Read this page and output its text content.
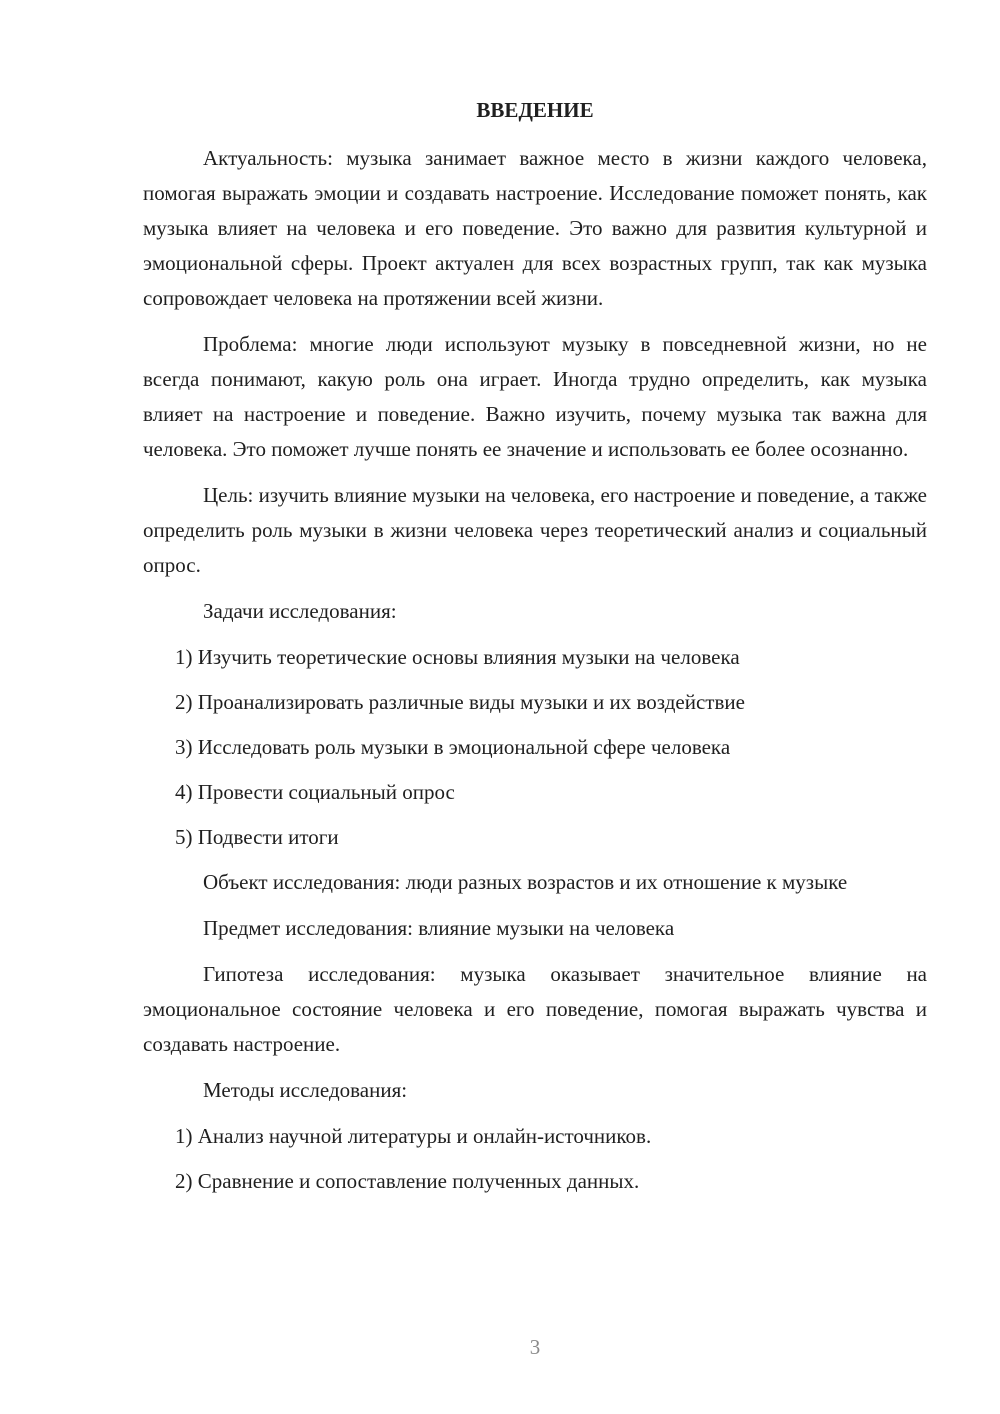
ВВЕДЕНИЕ

Актуальность: музыка занимает важное место в жизни каждого человека, помогая выражать эмоции и создавать настроение. Исследование поможет понять, как музыка влияет на человека и его поведение. Это важно для развития культурной и эмоциональной сферы. Проект актуален для всех возрастных групп, так как музыка сопровождает человека на протяжении всей жизни.

Проблема: многие люди используют музыку в повседневной жизни, но не всегда понимают, какую роль она играет. Иногда трудно определить, как музыка влияет на настроение и поведение. Важно изучить, почему музыка так важна для человека. Это поможет лучше понять ее значение и использовать ее более осознанно.

Цель: изучить влияние музыки на человека, его настроение и поведение, а также определить роль музыки в жизни человека через теоретический анализ и социальный опрос.

Задачи исследования:

1) Изучить теоретические основы влияния музыки на человека

2) Проанализировать различные виды музыки и их воздействие

3) Исследовать роль музыки в эмоциональной сфере человека

4) Провести социальный опрос

5) Подвести итоги

Объект исследования: люди разных возрастов и их отношение к музыке

Предмет исследования: влияние музыки на человека

Гипотеза исследования: музыка оказывает значительное влияние на эмоциональное состояние человека и его поведение, помогая выражать чувства и создавать настроение.

Методы исследования:

1) Анализ научной литературы и онлайн-источников.

2) Сравнение и сопоставление полученных данных.

3
